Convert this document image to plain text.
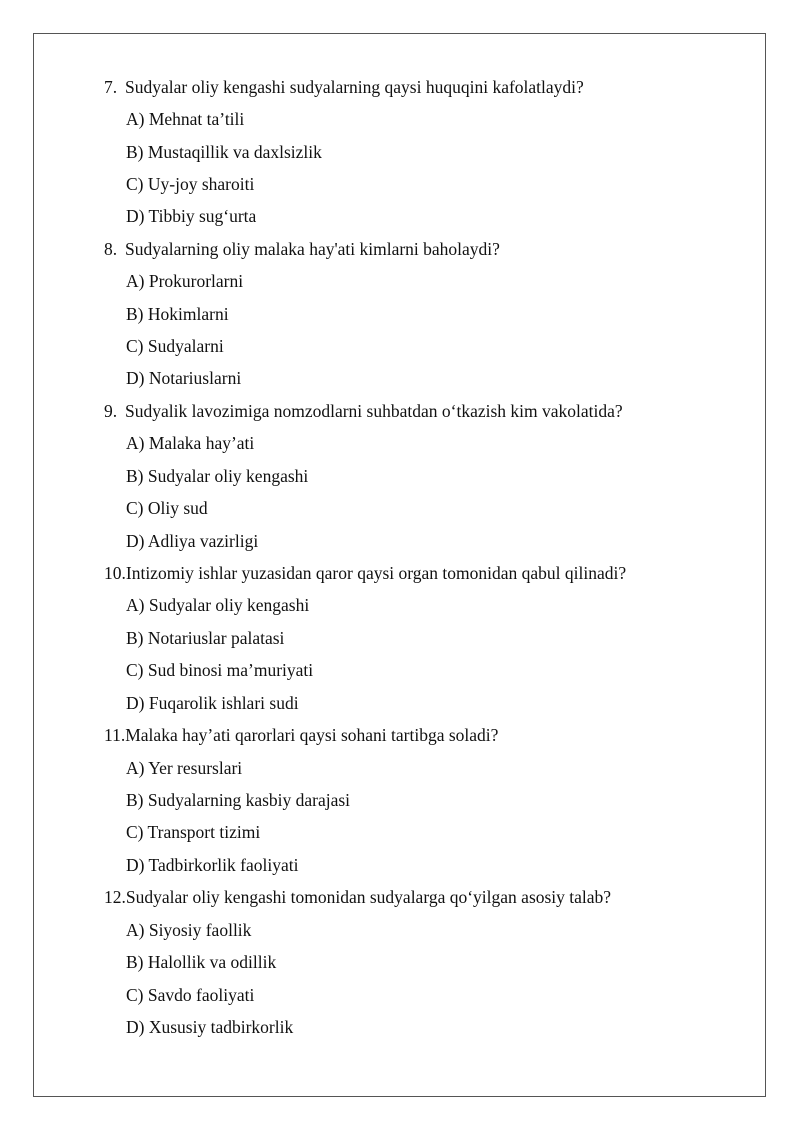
7. Sudyalar oliy kengashi sudyalarning qaysi huquqini kafolatlaydi?
A) Mehnat ta’tili
B) Mustaqillik va daxlsizlik
C) Uy-joy sharoiti
D) Tibbiy sug‘urta
8. Sudyalarning oliy malaka hay'ati kimlarni baholaydi?
A) Prokurorlarni
B) Hokimlarni
C) Sudyalarni
D) Notariuslarni
9. Sudyalik lavozimiga nomzodlarni suhbatdan o‘tkazish kim vakolatida?
A) Malaka hay’ati
B) Sudyalar oliy kengashi
C) Oliy sud
D) Adliya vazirligi
10.Intizomiy ishlar yuzasidan qaror qaysi organ tomonidan qabul qilinadi?
A) Sudyalar oliy kengashi
B) Notariuslar palatasi
C) Sud binosi ma’muriyati
D) Fuqarolik ishlari sudi
11.Malaka hay’ati qarorlari qaysi sohani tartibga soladi?
A) Yer resurslari
B) Sudyalarning kasbiy darajasi
C) Transport tizimi
D) Tadbirkorlik faoliyati
12.Sudyalar oliy kengashi tomonidan sudyalarga qo‘yilgan asosiy talab?
A) Siyosiy faollik
B) Halollik va odillik
C) Savdo faoliyati
D) Xususiy tadbirkorlik
